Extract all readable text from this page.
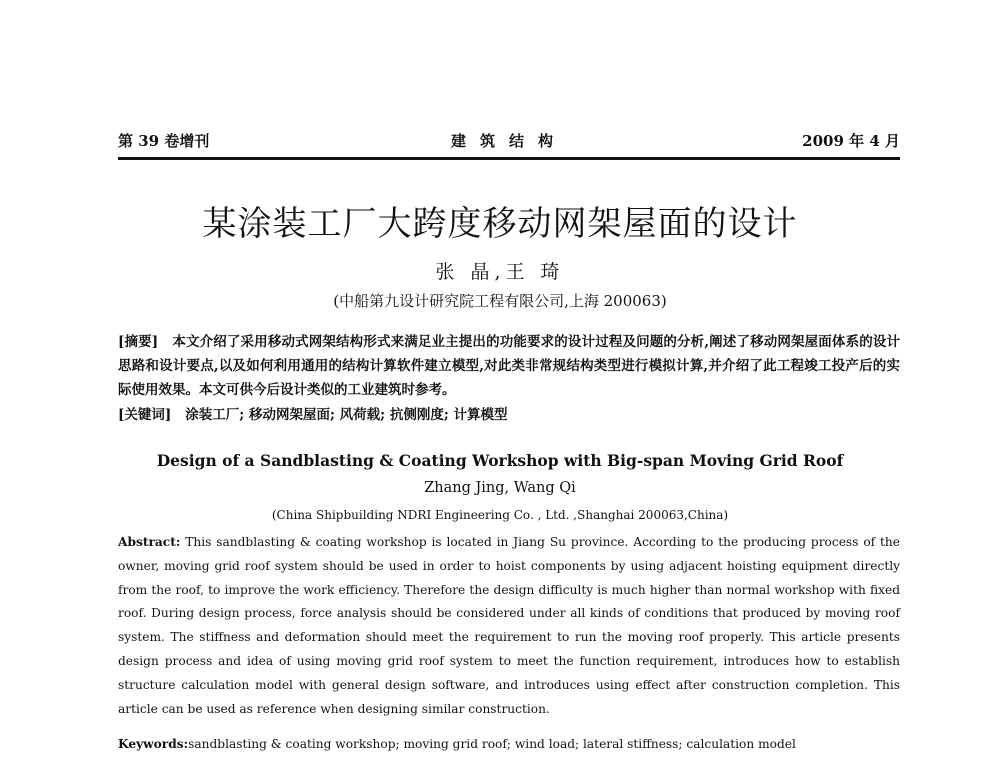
第 39 卷增刊	建筑结构	2009 年 4 月
某涂装工厂大跨度移动网架屋面的设计
张 晶,王 琦
(中船第九设计研究院工程有限公司,上海 200063)
[摘要] 本文介绍了采用移动式网架结构形式来满足业主提出的功能要求的设计过程及问题的分析,阐述了移动网架屋面体系的设计思路和设计要点,以及如何利用通用的结构计算软件建立模型,对此类非常规结构类型进行模拟计算,并介绍了此工程竣工投产后的实际使用效果。本文可供今后设计类似的工业建筑时参考。
[关键词] 涂装工厂; 移动网架屋面; 风荷载; 抗侧刚度; 计算模型
Design of a Sandblasting & Coating Workshop with Big-span Moving Grid Roof
Zhang Jing, Wang Qi
(China Shipbuilding NDRI Engineering Co. , Ltd. ,Shanghai 200063,China)
Abstract: This sandblasting & coating workshop is located in Jiang Su province. According to the producing process of the owner, moving grid roof system should be used in order to hoist components by using adjacent hoisting equipment directly from the roof, to improve the work efficiency. Therefore the design difficulty is much higher than normal workshop with fixed roof. During design process, force analysis should be considered under all kinds of conditions that produced by moving roof system. The stiffness and deformation should meet the requirement to run the moving roof properly. This article presents design process and idea of using moving grid roof system to meet the function requirement, introduces how to establish structure calculation model with general design software, and introduces using effect after construction completion. This article can be used as reference when designing similar construction.
Keywords:sandblasting & coating workshop; moving grid roof; wind load; lateral stiffness; calculation model
